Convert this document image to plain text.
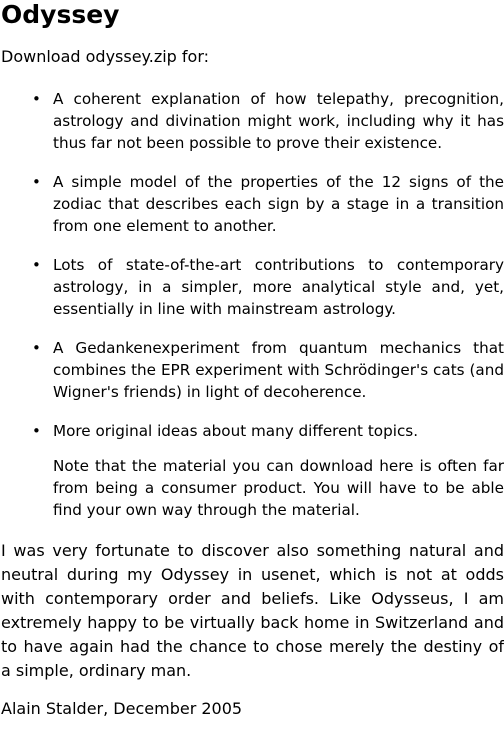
Odyssey

Download odyssey.zip for:

• A coherent explanation of how telepathy, precognition, astrology and divination might work, including why it has thus far not been possible to prove their existence.
• A simple model of the properties of the 12 signs of the zodiac that describes each sign by a stage in a transition from one element to another.
• Lots of state-of-the-art contributions to contemporary astrology, in a simpler, more analytical style and, yet, essentially in line with mainstream astrology.
• A Gedankenexperiment from quantum mechanics that combines the EPR experiment with Schrödinger's cats (and Wigner's friends) in light of decoherence.
• More original ideas about many different topics.

Note that the material you can download here is often far from being a consumer product. You will have to be able find your own way through the material.

I was very fortunate to discover also something natural and neutral during my Odyssey in usenet, which is not at odds with contemporary order and beliefs. Like Odysseus, I am extremely happy to be virtually back home in Switzerland and to have again had the chance to chose merely the destiny of a simple, ordinary man.

Alain Stalder, December 2005
